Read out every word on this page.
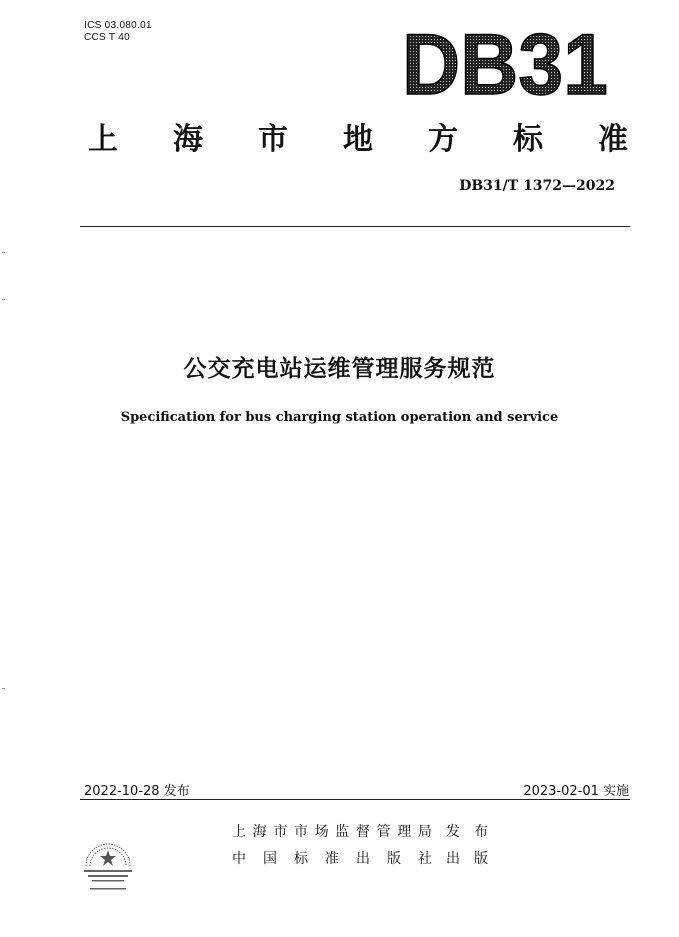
ICS 03.080.01
CCS T 40	DB31
上 海 市 地 方 标 准
DB31/T 1372—2022
公交充电站运维管理服务规范
Specification for bus charging station operation and service
2022-10-28 发布	2023-02-01 实施
上 海 市 市 场 监 督 管 理 局 发 布
中 国 标 准 出 版 社 出 版
